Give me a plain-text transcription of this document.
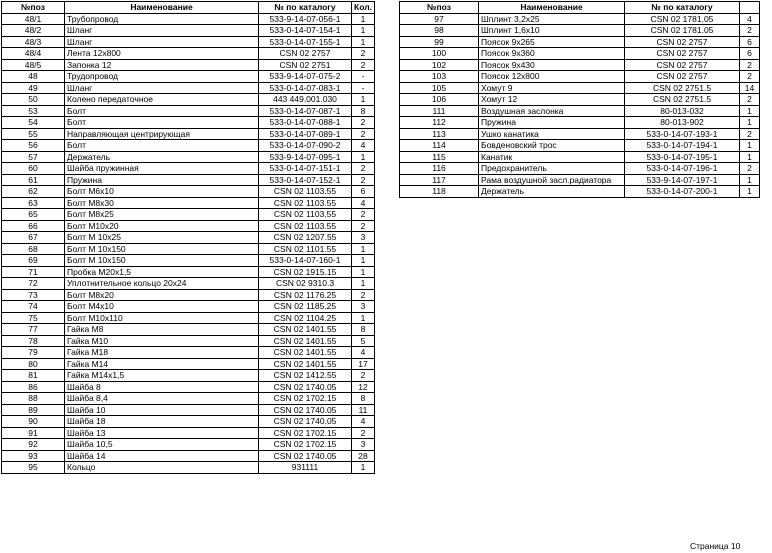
№поз	Наименование	№ по каталогу	Кол.
48/1	Трубопровод	533-9-14-07-056-1	1
48/2	Шланг	533-0-14-07-154-1	1
48/3	Шланг	533-0-14-07-155-1	1
48/4	Лента 12х800	CSN 02 2757	2
48/5	Запонка 12	CSN 02 2751	2
48	Трудопровод	533-9-14-07-075-2	-
49	Шланг	533-0-14-07-083-1	-
50	Колено передаточное	443 449.001.030	1
53	Болт	533-0-14-07-087-1	8
54	Болт	533-0-14-07-088-1	2
55	Направляющая центрирующая	533-0-14-07-089-1	2
56	Болт	533-0-14-07-090-2	4
57	Держатель	533-9-14-07-095-1	1
60	Шайба пружинная	533-0-14-07-151-1	2
61	Пружина	533-0-14-07-152-1	2
62	Болт М6х10	CSN 02 1103.55	6
63	Болт М8х30	CSN 02 1103.55	4
65	Болт М8х25	CSN 02 1103.55	2
66	Болт М10х20	CSN 02 1103.55	2
67	Болт М 10х25	CSN 02 1207.55	3
68	Болт М 10х150	CSN 02 1101.55	1
69	Болт М 10х150	533-0-14-07-160-1	1
71	Пробка М20х1,5	CSN 02 1915.15	1
72	Уплотнительное кольцо 20х24	CSN 02 9310.3	1
73	Болт М8х20	CSN 02 1176.25	2
74	Болт М4х10	CSN 02 1185.25	3
75	Болт М10х110	CSN 02 1104.25	1
77	Гайка М8	CSN 02 1401.55	8
78	Гайка М10	CSN 02 1401.55	5
79	Гайка М18	CSN 02 1401.55	4
80	Гайка М14	CSN 02 1401.55	17
81	Гайка М14х1,5	CSN 02 1412.55	2
86	Шайба 8	CSN 02 1740.05	12
88	Шайба 8,4	CSN 02 1702.15	8
89	Шайба 10	CSN 02 1740.05	11
90	Шайба 18	CSN 02 1740.05	4
91	Шайба 13	CSN 02 1702.15	2
92	Шайба 10,5	CSN 02 1702.15	3
93	Шайба 14	CSN 02 1740.05	28
95	Кольцо	931111	1
№поз	Наименование	№ по каталогу	
97	Шплинт 3,2х25	CSN 02 1781.05	4
98	Шплинт 1,6х10	CSN 02 1781.05	2
99	Поясок 9х265	CSN 02 2757	6
100	Поясок 9х360	CSN 02 2757	6
102	Поясок 9х430	CSN 02 2757	2
103	Поясок 12х800	CSN 02 2757	2
105	Хомут 9	CSN 02 2751.5	14
106	Хомут 12	CSN 02 2751.5	2
111	Воздушная заслонка	80-013-032	1
112	Пружина	80-013-902	1
113	Ушко канатика	533-0-14-07-193-1	2
114	Бовденовский трос	533-0-14-07-194-1	1
115	Канатик	533-0-14-07-195-1	1
116	Предохранитель	533-0-14-07-196-1	2
117	Рама воздушной засл.радиатора	533-9-14-07-197-1	1
118	Держатель	533-0-14-07-200-1	1
Страница 10
